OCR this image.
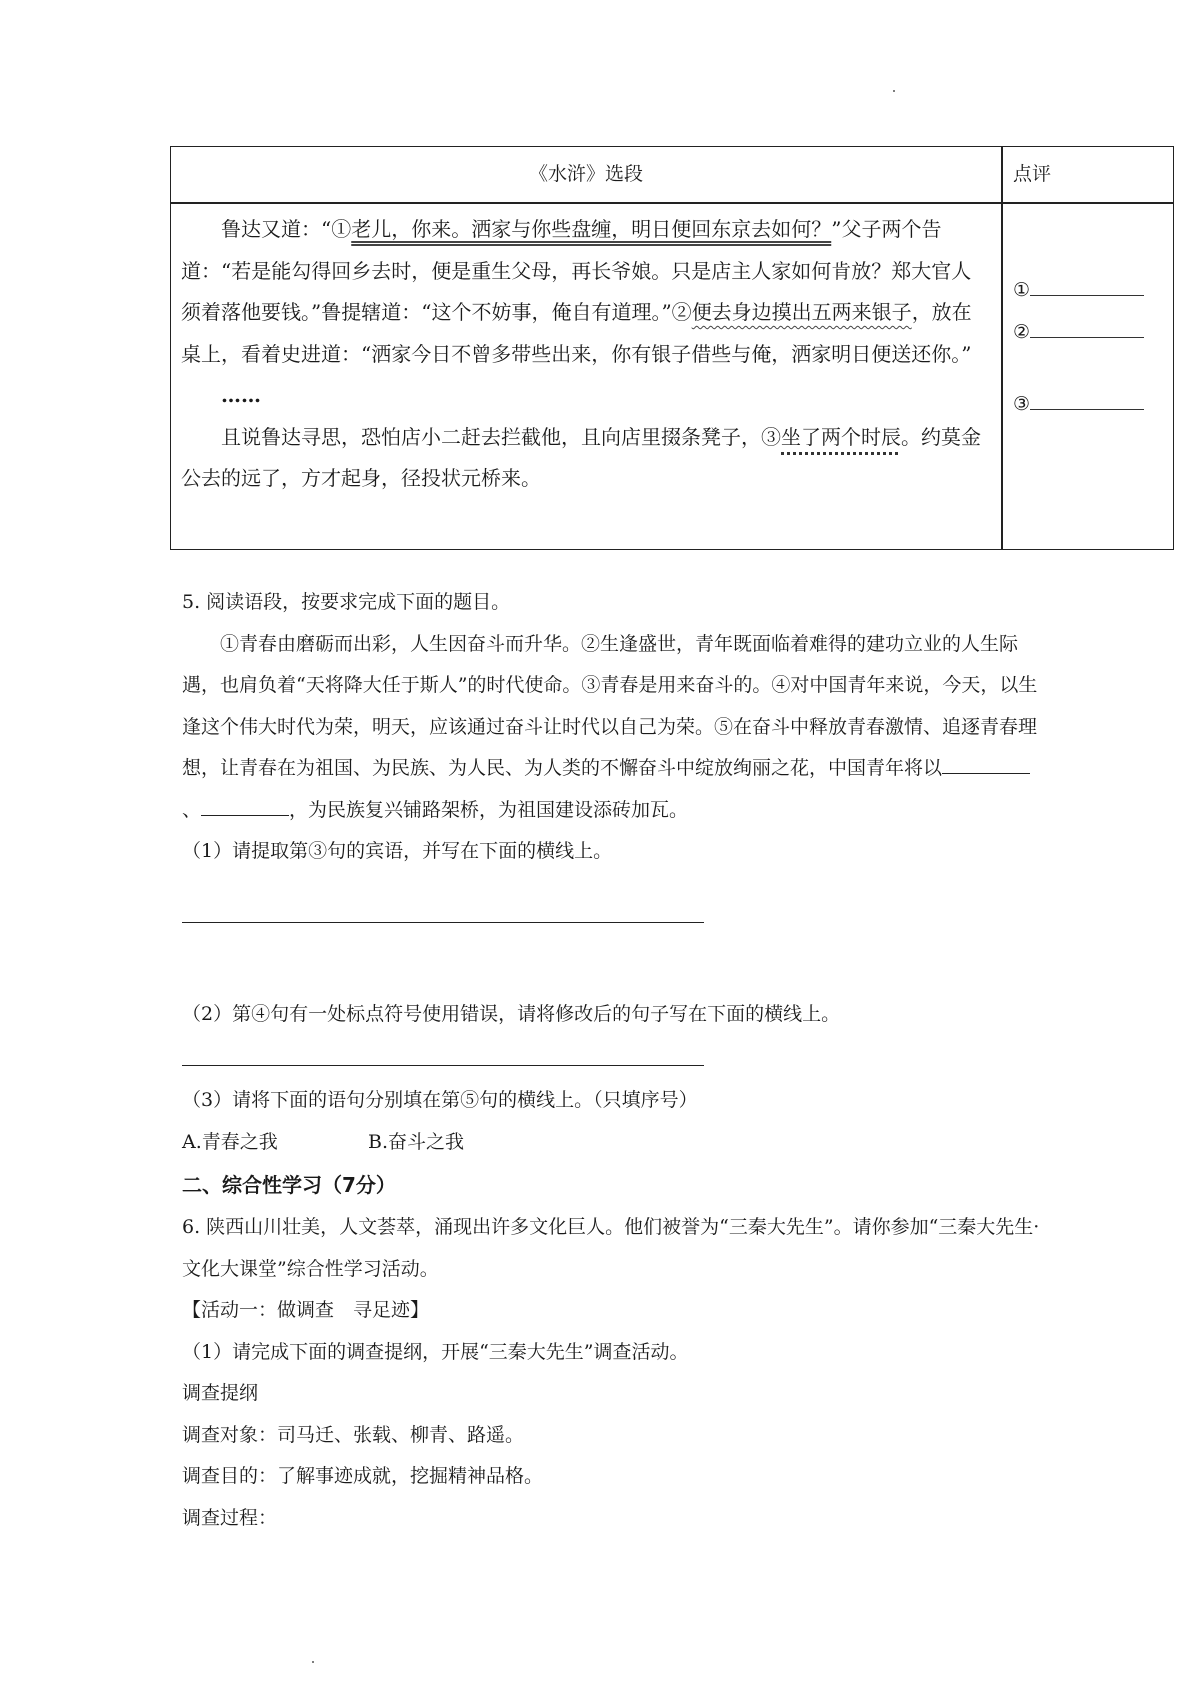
《水浒》选段	点评

鲁达又道：“①老儿，你来。洒家与你些盘缠，明日便回东京去如何？”父子两个告道：“若是能勾得回乡去时，便是重生父母，再长爷娘。只是店主人家如何肯放？郑大官人须着落他要钱。”鲁提辖道：“这个不妨事，俺自有道理。”②便去身边摸出五两来银子，放在桌上，看着史进道：“洒家今日不曾多带些出来，你有银子借些与俺，洒家明日便送还你。”

……

且说鲁达寻思，恐怕店小二赶去拦截他，且向店里掇条凳子，③坐了两个时辰。约莫金公去的远了，方才起身，径投状元桥来。

①
②
③

5. 阅读语段，按要求完成下面的题目。

①青春由磨砺而出彩，人生因奋斗而升华。②生逢盛世，青年既面临着难得的建功立业的人生际遇，也肩负着“天将降大任于斯人”的时代使命。③青春是用来奋斗的。④对中国青年来说，今天，以生逢这个伟大时代为荣，明天，应该通过奋斗让时代以自己为荣。⑤在奋斗中释放青春激情、追逐青春理想，让青春在为祖国、为民族、为人民、为人类的不懈奋斗中绽放绚丽之花，中国青年将以、	，为民族复兴铺路架桥，为祖国建设添砖加瓦。

（1）请提取第③句的宾语，并写在下面的横线上。

（2）第④句有一处标点符号使用错误，请将修改后的句子写在下面的横线上。

（3）请将下面的语句分别填在第⑤句的横线上。（只填序号）

A.青春之我	B.奋斗之我

二、综合性学习（7分）

6. 陕西山川壮美，人文荟萃，涌现出许多文化巨人。他们被誉为“三秦大先生”。请你参加“三秦大先生·文化大课堂”综合性学习活动。

【活动一：做调查　寻足迹】

（1）请完成下面的调查提纲，开展“三秦大先生”调查活动。

调查提纲

调查对象：司马迁、张载、柳青、路遥。

调查目的：了解事迹成就，挖掘精神品格。

调查过程：
